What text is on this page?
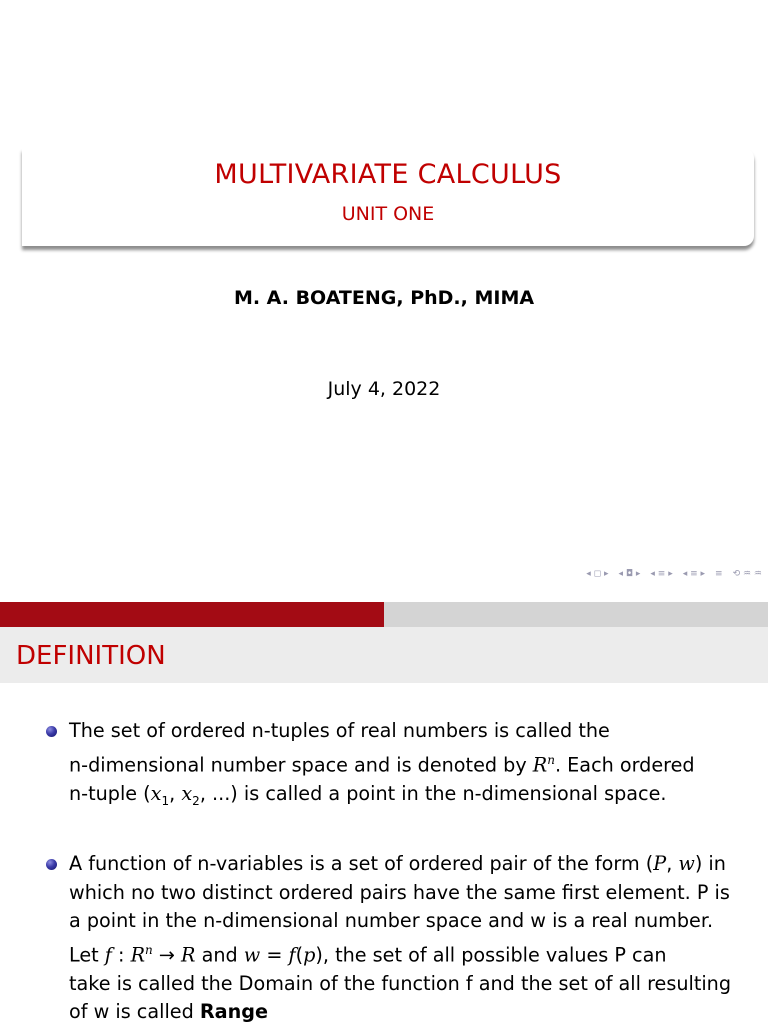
MULTIVARIATE CALCULUS
UNIT ONE
M. A. BOATENG, PhD., MIMA
July 4, 2022
◂ ◻ ▸ ◂ ◘ ▸ ◂ ≡ ▸ ◂ ≡ ▸ ≡ ⟲ ♒ ♒
DEFINITION
The set of ordered n-tuples of real numbers is called the
n-dimensional number space and is denoted by $R^n$. Each ordered
n-tuple ($x_1$, $x_2$, ...) is called a point in the n-dimensional space.
A function of n-variables is a set of ordered pair of the form (P, w) in
which no two distinct ordered pairs have the same first element. P is
a point in the n-dimensional number space and w is a real number.
Let f : $R^n \to R$ and w = f(p), the set of all possible values P can
take is called the Domain of the function f and the set of all resulting
of w is called Range
